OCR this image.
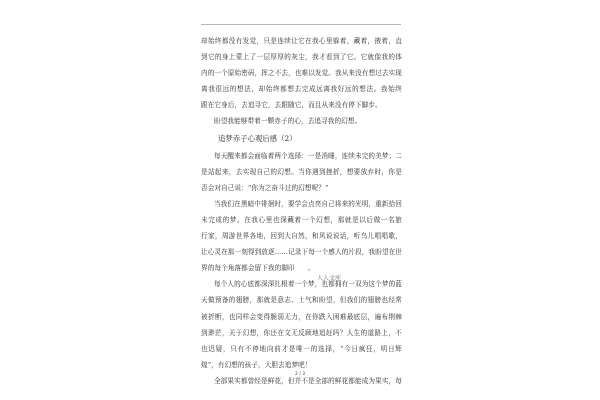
却始终都没有发觉，只是连续让它在我心里躲着，藏着，掖着，直
到它的身上蒙上了一层厚厚的灰尘，我才看到了它。它就像我的体
内的一个原始密码，挥之不去，也难以发觉。我从来没有想过去实现
离我很远的想法，却始终都想去完成远离我好远的想法。我始终
跟在它身后，去追寻它，去跟随它，而且从来没有停下脚步。
盼望我能够带着一颗赤子的心，去追寻我的幻想。
追梦赤子心观后感（2）
每天醒来都会面临着两个选择：一是消睡，连续未完的美梦；二
是站起来，去实现自己的幻想。当你遇到挫折，想要放弃时，你是
否会对自己说：“你为之奋斗过的幻想呢？”
当我们在黑暗中徘徊时，要学会点亮自己将来的光明，重新拾回
未完成的梦。在我心里也深藏着一个幻想，那就是以后做一名旅
行家，周游世界各地，回到大自然，和风说说话，听鸟儿唱唱歌，
让心灵在那一刻得到放逐……记录下每一个感人的片段，我盼望在世
界的每个角落都会留下我的脚印　　。
每个人的心底都深深扎根着一个梦，也都拥有一双为这个梦的蓝
天做预备的翅膀，那就是意志、士气和盼望，但我们的翅膀也经常
被折断，也同样会变得脆弱无力，在你跌入困难最底层，遍布荆棘
到渺茫，关于幻想，你还在文无反顾地追赶吗？人生的道路上，不
也迟疑，只有不停地向前才是唯一的选择，“今日疯狂，明日辉
煌”，有幻想的孩子，大胆去追梦吧！
全部果实都曾经是鲜花，但并不是全部的鲜花都能成为果实，每
人人文库
2 / 3
